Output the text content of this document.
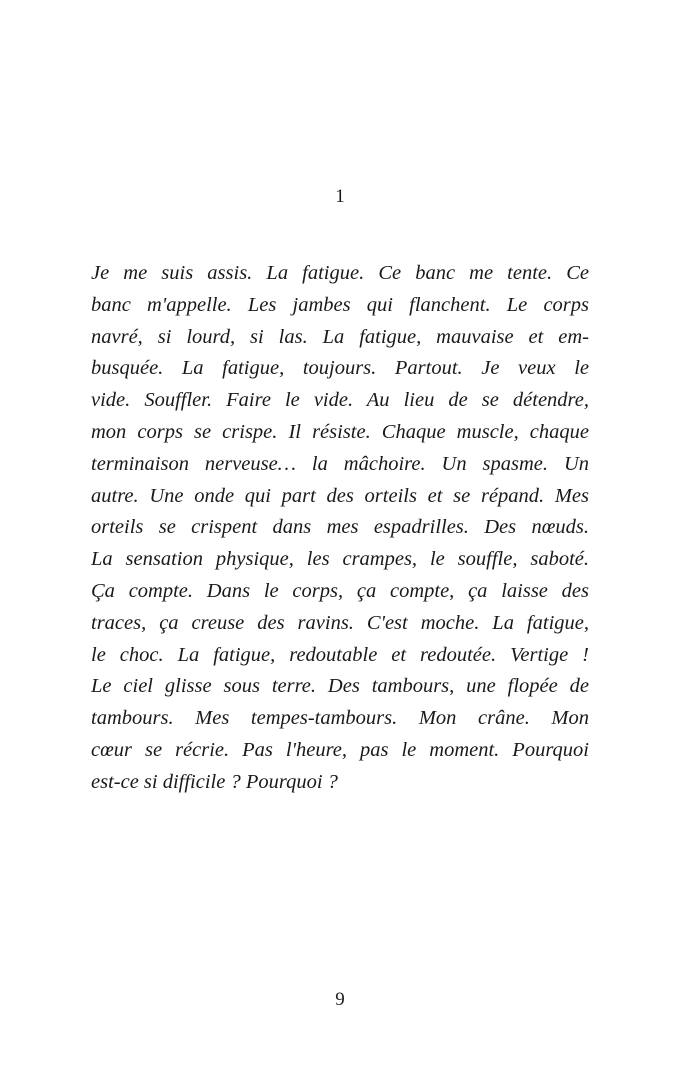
1
Je me suis assis. La fatigue. Ce banc me tente. Ce
banc m'appelle. Les jambes qui flanchent. Le corps
navré, si lourd, si las. La fatigue, mauvaise et em-
busquée. La fatigue, toujours. Partout. Je veux le
vide. Souffler. Faire le vide. Au lieu de se détendre,
mon corps se crispe. Il résiste. Chaque muscle, chaque
terminaison nerveuse… la mâchoire. Un spasme. Un
autre. Une onde qui part des orteils et se répand. Mes
orteils se crispent dans mes espadrilles. Des nœuds.
La sensation physique, les crampes, le souffle, saboté.
Ça compte. Dans le corps, ça compte, ça laisse des
traces, ça creuse des ravins. C'est moche. La fatigue,
le choc. La fatigue, redoutable et redoutée. Vertige !
Le ciel glisse sous terre. Des tambours, une flopée de
tambours. Mes tempes-tambours. Mon crâne. Mon
cœur se récrie. Pas l'heure, pas le moment. Pourquoi
est-ce si difficile ? Pourquoi ?
9
